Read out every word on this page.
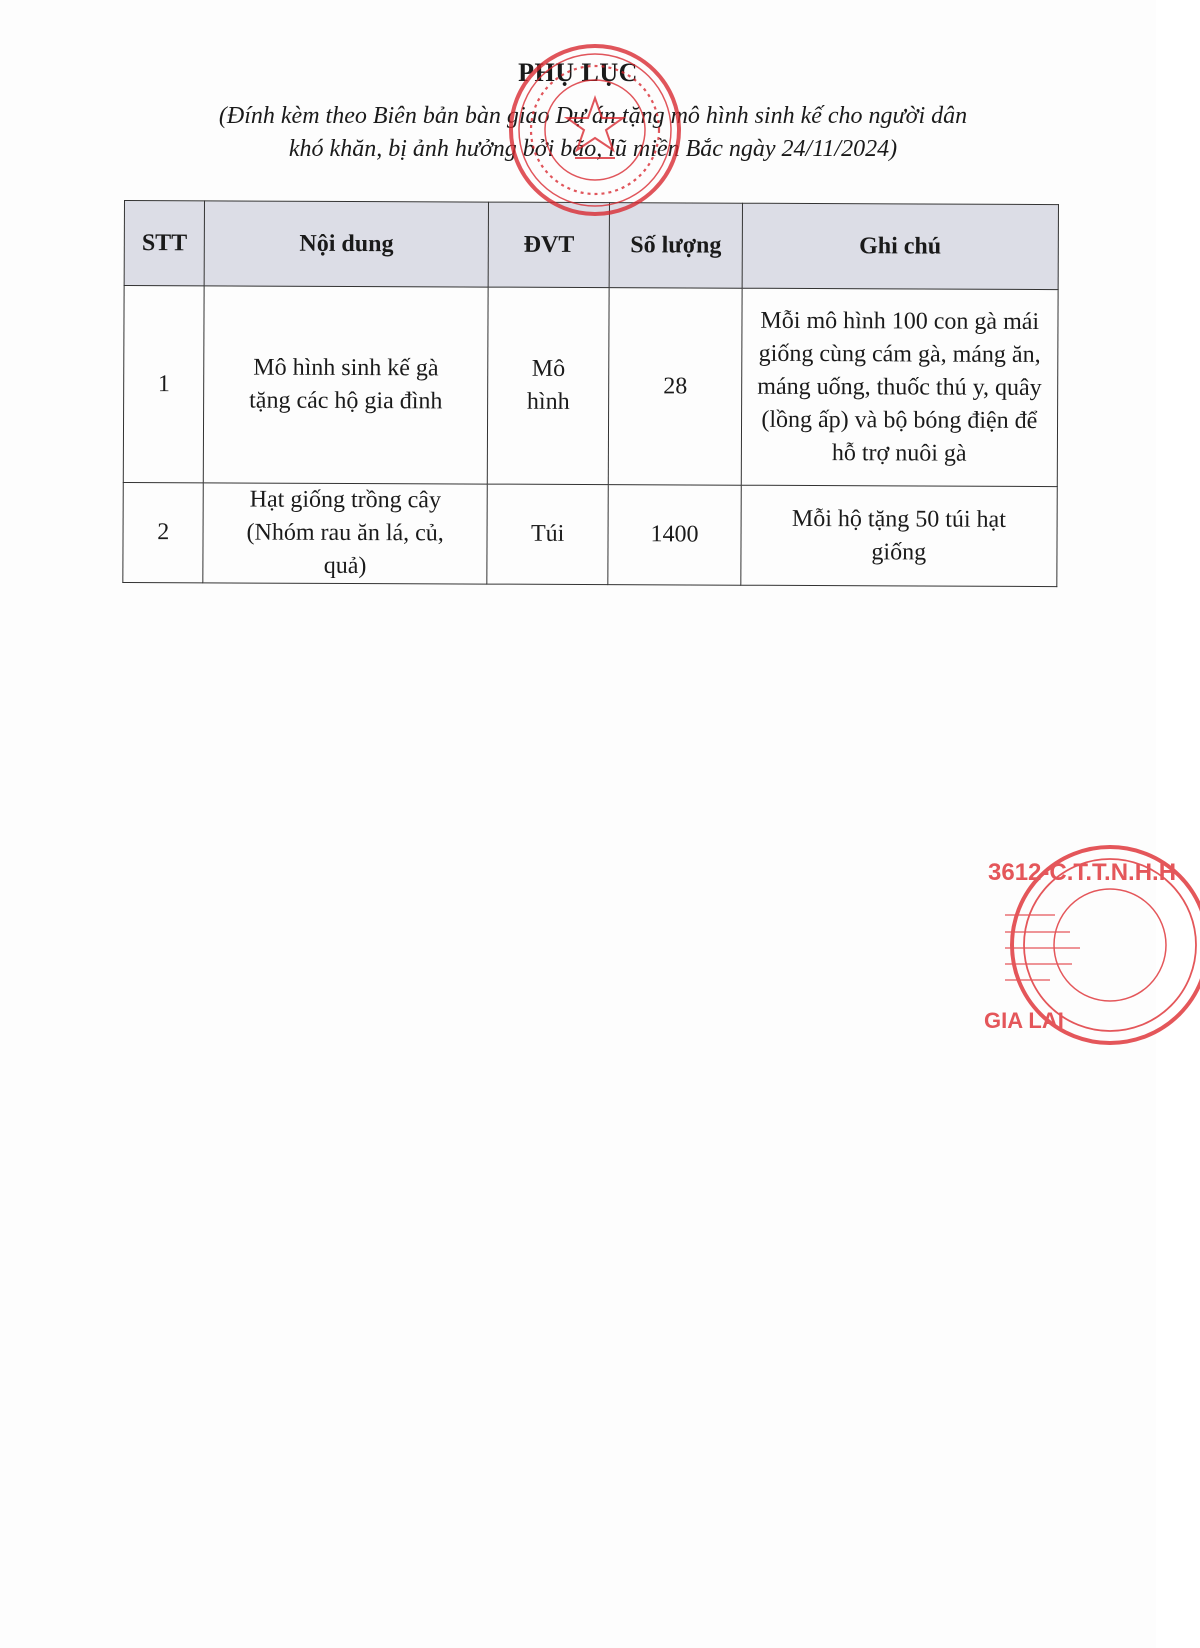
PHỤ LỤC
(Đính kèm theo Biên bản bàn giao Dự án tặng mô hình sinh kế cho người dân
khó khăn, bị ảnh hưởng bởi bão, lũ miền Bắc ngày 24/11/2024)
STT	Nội dung	ĐVT	Số lượng	Ghi chú
1	Mô hình sinh kế gà tặng các hộ gia đình	Mô hình	28	Mỗi mô hình 100 con gà mái giống cùng cám gà, máng ăn, máng uống, thuốc thú y, quây (lồng ấp) và bộ bóng điện để hỗ trợ nuôi gà
2	Hạt giống trồng cây (Nhóm rau ăn lá, củ, quả)	Túi	1400	Mỗi hộ tặng 50 túi hạt giống
3612-C.T.T.N.H.H
GIA LAI
